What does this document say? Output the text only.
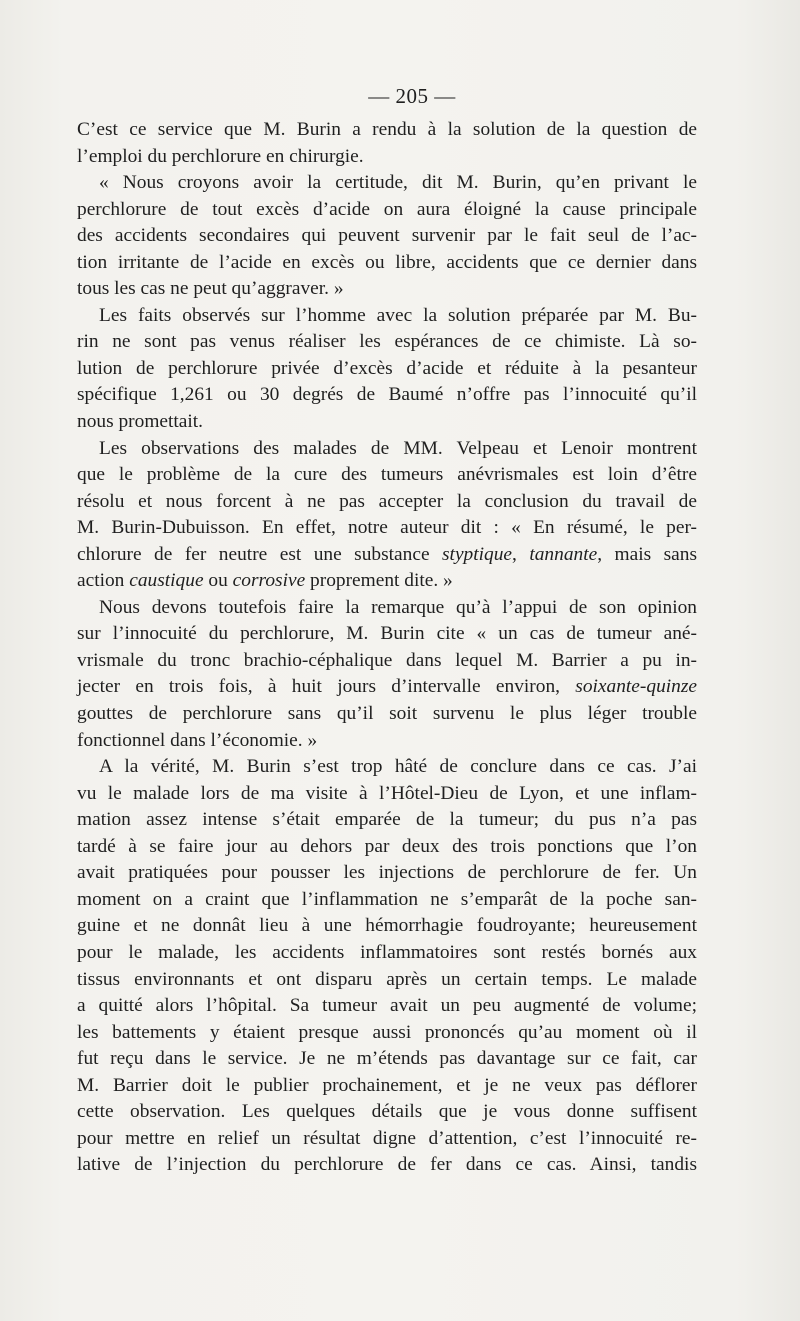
— 205 —
C’est ce service que M. Burin a rendu à la solution de la question de
l’emploi du perchlorure en chirurgie.
« Nous croyons avoir la certitude, dit M. Burin, qu’en privant le
perchlorure de tout excès d’acide on aura éloigné la cause principale
des accidents secondaires qui peuvent survenir par le fait seul de l’ac-
tion irritante de l’acide en excès ou libre, accidents que ce dernier dans
tous les cas ne peut qu’aggraver. »
Les faits observés sur l’homme avec la solution préparée par M. Bu-
rin ne sont pas venus réaliser les espérances de ce chimiste. Là so-
lution de perchlorure privée d’excès d’acide et réduite à la pesanteur
spécifique 1,261 ou 30 degrés de Baumé n’offre pas l’innocuité qu’il
nous promettait.
Les observations des malades de MM. Velpeau et Lenoir montrent
que le problème de la cure des tumeurs anévrismales est loin d’être
résolu et nous forcent à ne pas accepter la conclusion du travail de
M. Burin-Dubuisson. En effet, notre auteur dit : « En résumé, le per-
chlorure de fer neutre est une substance styptique, tannante, mais sans
action caustique ou corrosive proprement dite. »
Nous devons toutefois faire la remarque qu’à l’appui de son opinion
sur l’innocuité du perchlorure, M. Burin cite « un cas de tumeur ané-
vrismale du tronc brachio-céphalique dans lequel M. Barrier a pu in-
jecter en trois fois, à huit jours d’intervalle environ, soixante-quinze
gouttes de perchlorure sans qu’il soit survenu le plus léger trouble
fonctionnel dans l’économie. »
A la vérité, M. Burin s’est trop hâté de conclure dans ce cas. J’ai
vu le malade lors de ma visite à l’Hôtel-Dieu de Lyon, et une inflam-
mation assez intense s’était emparée de la tumeur; du pus n’a pas
tardé à se faire jour au dehors par deux des trois ponctions que l’on
avait pratiquées pour pousser les injections de perchlorure de fer. Un
moment on a craint que l’inflammation ne s’emparât de la poche san-
guine et ne donnât lieu à une hémorrhagie foudroyante; heureusement
pour le malade, les accidents inflammatoires sont restés bornés aux
tissus environnants et ont disparu après un certain temps. Le malade
a quitté alors l’hôpital. Sa tumeur avait un peu augmenté de volume;
les battements y étaient presque aussi prononcés qu’au moment où il
fut reçu dans le service. Je ne m’étends pas davantage sur ce fait, car
M. Barrier doit le publier prochainement, et je ne veux pas déflorer
cette observation. Les quelques détails que je vous donne suffisent
pour mettre en relief un résultat digne d’attention, c’est l’innocuité re-
lative de l’injection du perchlorure de fer dans ce cas. Ainsi, tandis
